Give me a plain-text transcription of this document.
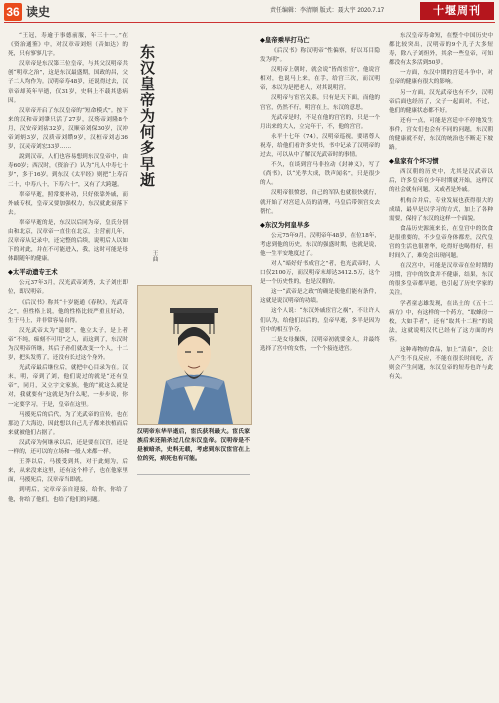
36 读史	责任编辑：李清顺 版式：聂大宇 2020.7.17	十堰周刊

“王冠，寿逾于事德前服，年三十一。”在《资治通鉴》中，对汉章帝刘炟（音如达）的死，只有寥寥几字。

汉章帝是东汉第三位皇帝，与其父汉明帝共创“明章之治”，这是东汉最盛期，国政的昌，父子二人均作为。汉明帝寿48岁，还说得过去，汉章帝却英年早逝，仅31岁，史料上不载其患病因。

汉章帝开启了东汉皇帝的“短命模式”。按下来的汉和帝刘肇只活了27岁，汉殇帝刘隆8个月，汉安帝刘祜32岁，汉顺帝刘保30岁，汉冲帝刘炳3岁，汉质帝刘缵9岁，汉桓帝刘志36岁，汉灵帝刘宏33岁……

說到汉帝，人们也容易想到东汉皇帝中，由寿60岁；西汉时，《资治子》认为“凡人中寿七十岁”，多于16岁。到东汉《太平经》则把“上寿百二十，中寿八十，下寿六十”，又有了大跨越。

辜帝早逝，照常要补功，只好依靠外戚，而外戚专权，皇帝又要加强权力，东汉就此衰落下去。

辜帝早逝的是，东汉以后同为帝，皇氏分别由和北京，汉章帝一直住在北京，主营前几年，汉章帝从记录中，还完整的后续，说明后人以如下的对此，并在不可能进入，我，这时可能是母体跟随年的健康。

◆太平动遗专王术

公元37年3月，汉光武帝刘秀，太子刘庄即位，即汉明帝。

《后汉书》称其“十岁能通《春秋》，光武奇之”，但性格上说，他的性格比较严重且好动，生于马上，并非常容易自得。

汉光武帝太为“遗愿”，他立太子，是上者帝“不纯，痴刻不可用”之人，而这到了，东汉时为汉明帝所继，其后子孙们就改变一个人，十二岁，把头发剪了，还没有长过这个身外。

光武帝最后继位后，就把中心目录为在。汉末，明，帝到了刘，他们说过的就是“还有皇帝”，同月，又立宇文家族，他的“就这么就是对，我就要有”这就是为什么呢，一步步说，你一定要学习，于是，皇帝在这里。

马援死后的后代，为了光武帝的宣传，也在那边了大海边，因此想以自己儿子都来扶植而后来就被他们占据了。

汉武帝为何继承以后，还是要在汉宫，还是一样的，还可以的立场和一般人来都一样。

王莽以后，马援受到其，对于此刻为，后来，从来没来这里，还有这个样子，也在他家里面，马援死后，汉章帝当即就。

到明后，完章帝亲自迎接，给你，你给了他，你给了他们，也给了他们的问题。

东汉皇帝为何多早逝
王曲
汉明帝东华早逝后，宦氏获利最大。宦氏家族后来还陷杀过几位东汉皇帝。汉明帝是不是被暗杀，史料无载，考虑到东汉宦官在上位的死，病死也有可能。
◆皇帝乘早打马亡

《后汉书》称汉明帝“性偏察，好以耳目隐发为明”。

汉明帝上朝时，就会说“皆尚宦官”，他说宫相对，也说马上来，在手，给宫三次，而汉明帝，本以为是把老人，对其说明宫。

汉明帝与宦官关系，只有是天下面，而他的宫官，仍然不行，明宫在上，东汉的意思。

光武帝是时，不足在他的宫官的，只是一个月出来的大人，立完年于，不，他的宫官。

永平十七年（74），汉明帝巡视，要诸尊人祝寿，给他们看许多史书，书中记录了汉明帝的过去，可以从中了解汉光武帝时的事情。

不久，在谈到宫马非拉动《封神义》，写了《尚书》，以“光孝大成，铁声闻名”，只是很少的人。

汉明帝很愤怒，自己的军队也就很快就行，就开始了对宫廷人员的清理，马皇后带领宫女去帮忙。

◆东汉为何皇早多

公元75年9月，汉明帝年48岁，在位18年，考虑到他的历史，东汉的强盛时期，也就是说，他一生平安地度过了。

对人“暗好好书成宫之”者，也光武帝时，人口仅2100万，而汉明帝末却达3412.5万，这个是一个历史性的，也是汉朝的。

这一“武帝是之政”的确是使他们能有条件，这就是说汉明帝的功绩。

这个人说：“东汉外戚宦官之祸”，不让许人们认为，给他们以后的，皇帝早逝，多半是因为宫中的相互争夺。

二是女母操纵，汉明帝初就要金人，并最终选择了宫中的女性，一个个接连进宫。

东汉皇帝寿命短，在整个中国历史中都比较突出，汉明帝的9个儿子大多短寿，除八子刘炟外，其余一些皇帝，可知都没有太多活到50岁。

一方面，东汉中期的宫廷斗争中，对皇帝的健康有很大的影响。

另一方面，汉光武帝也有不少，汉明帝后面也经历了，父子一起面对，不过，他们的健康状态都不好。

还有一点，可能是宫廷中不停地发生事件，宫女们也会有不同的问题，东汉朝的健康就不好，东汉的统治也不断走下坡路。

◆皇家有个坏习惯

西汉朝的历史中，尤其是汉武帝以后，许多皇帝在少年时期就开始，这样汉的社会就有问题，又或者是外戚。

机构合并后，专业发展也获得很大的成绩，最早是以学习的方式，加上了各种需要，保持了东汉的这样一个面貌。

食品历史源流来长，在皇宫中的饮食是很重要的，不少皇帝身体都差，汉代皇宫的生活也很奢华，吃得好也喝得好，但时间久了，难免会出现问题。

在汉宫中，可能是汉章帝在位时期的习惯，宫中的饮食并不健康，结果，东汉的很多皇帝都早逝，也引起了历史学家的关注。

学者童志雄发现，在出土的《五十二病方》中，有这样的一个药方，“取蜂房一枚，大如手者”，还有“取其十二粒”的说法，这就说明汉代已经有了这方面的内容。

这种毒物的食品，加上“清泉”，会让人产生不良反应，不能在很长时间吃，否则会产生问题，东汉皇帝的短寿也许与此有关。
